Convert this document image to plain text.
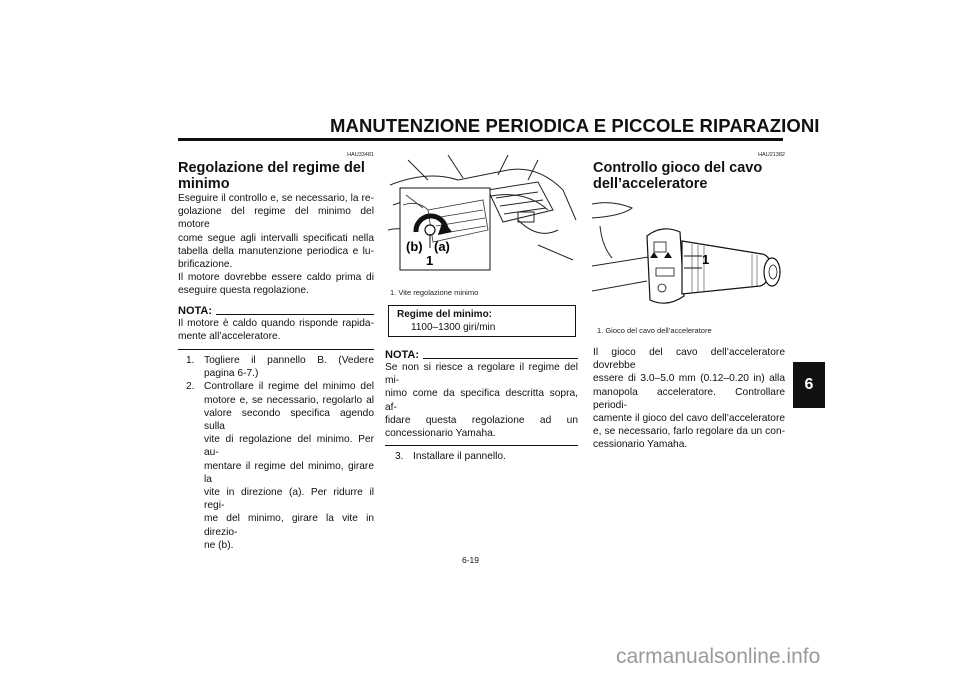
MANUTENZIONE PERIODICA E PICCOLE RIPARAZIONI
6
HAU33481
Regolazione del regime del
minimo
Eseguire il controllo e, se necessario, la re-
golazione del regime del minimo del motore
come segue agli intervalli specificati nella
tabella della manutenzione periodica e lu-
brificazione.
Il motore dovrebbe essere caldo prima di
eseguire questa regolazione.
NOTA:
Il motore è caldo quando risponde rapida-
mente all’acceleratore.
1. Togliere il pannello B. (Vedere
pagina 6-7.)
2. Controllare il regime del minimo del
motore e, se necessario, regolarlo al
valore secondo specifica agendo sulla
vite di regolazione del minimo. Per au-
mentare il regime del minimo, girare la
vite in direzione (a). Per ridurre il regi-
me del minimo, girare la vite in direzio-
ne (b).
(b) (a)
1
1. Vite regolazione minimo
Regime del minimo:
1100–1300 giri/min
NOTA:
Se non si riesce a regolare il regime del mi-
nimo come da specifica descritta sopra, af-
fidare questa regolazione ad un
concessionario Yamaha.
3. Installare il pannello.
HAU21382
Controllo gioco del cavo
dell’acceleratore
1
1. Gioco del cavo dell’acceleratore
Il gioco del cavo dell’acceleratore dovrebbe
essere di 3.0–5.0 mm (0.12–0.20 in) alla
manopola acceleratore. Controllare periodi-
camente il gioco del cavo dell’acceleratore
e, se necessario, farlo regolare da un con-
cessionario Yamaha.
6-19
carmanualsonline.info
